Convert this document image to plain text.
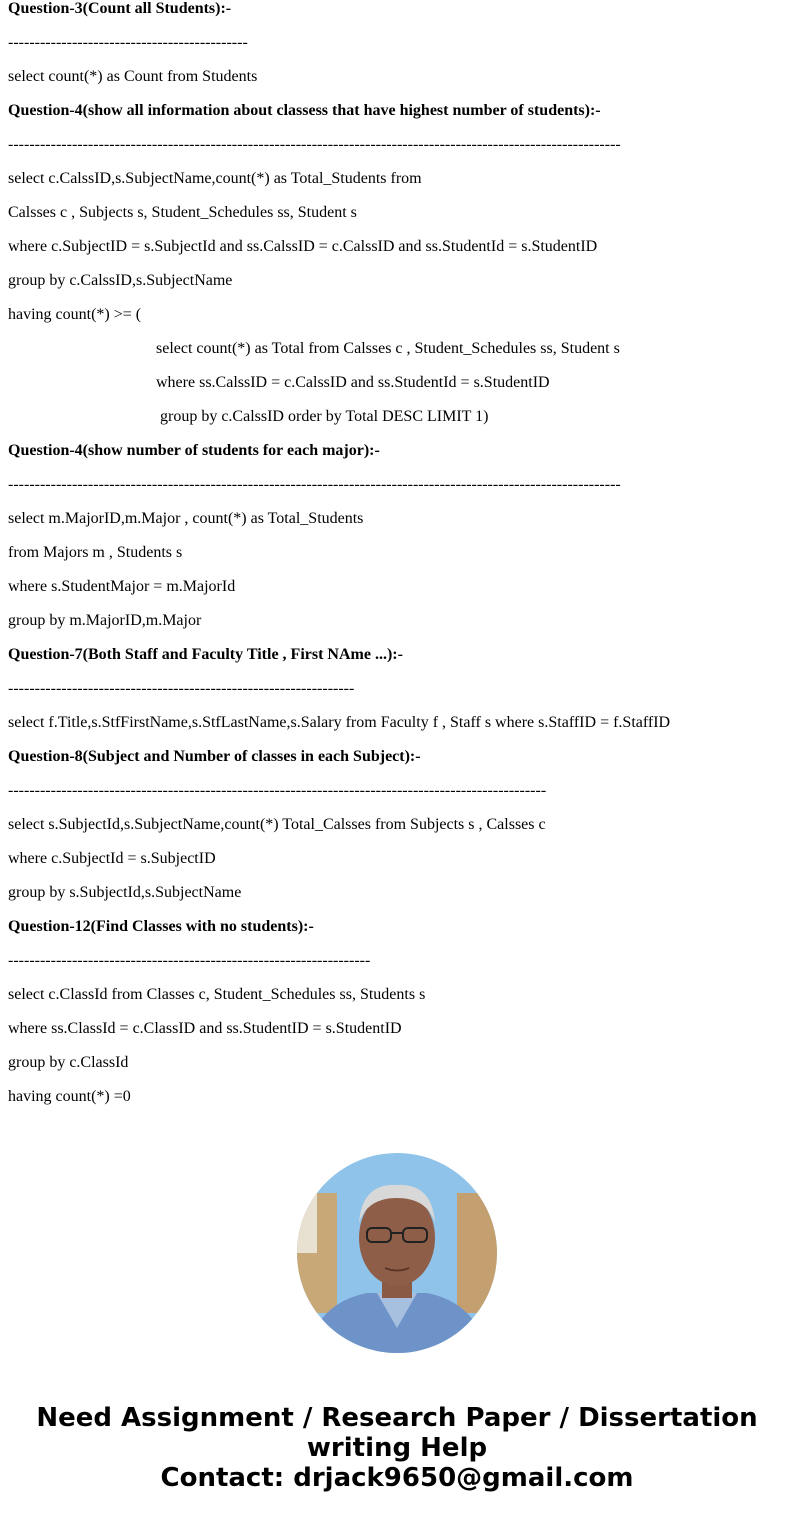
Question-3(Count all Students):-
---------------------------------------------
select count(*) as Count from Students
Question-4(show all information about classess that have highest number of students):-
-------------------------------------------------------------------------------------------------------------------
select c.CalssID,s.SubjectName,count(*) as Total_Students from
Calsses c , Subjects s, Student_Schedules ss, Student s
where c.SubjectID = s.SubjectId and ss.CalssID = c.CalssID and ss.StudentId = s.StudentID
group by c.CalssID,s.SubjectName
having count(*) >= (
select count(*) as Total from Calsses c , Student_Schedules ss, Student s
where ss.CalssID = c.CalssID and ss.StudentId = s.StudentID
group by c.CalssID order by Total DESC LIMIT 1)
Question-4(show number of students for each major):-
-------------------------------------------------------------------------------------------------------------------
select m.MajorID,m.Major , count(*) as Total_Students
from Majors m , Students s
where s.StudentMajor = m.MajorId
group by m.MajorID,m.Major
Question-7(Both Staff and Faculty Title , First NAme ...):-
-----------------------------------------------------------------
select f.Title,s.StfFirstName,s.StfLastName,s.Salary from Faculty f , Staff s where s.StaffID = f.StaffID
Question-8(Subject and Number of classes in each Subject):-
-----------------------------------------------------------------------------------------------------
select s.SubjectId,s.SubjectName,count(*) Total_Calsses from Subjects s , Calsses c
where c.SubjectId = s.SubjectID
group by s.SubjectId,s.SubjectName
Question-12(Find Classes with no students):-
--------------------------------------------------------------------
select c.ClassId from Classes c, Student_Schedules ss, Students s
where ss.ClassId = c.ClassID and ss.StudentID = s.StudentID
group by c.ClassId
having count(*) =0
Need Assignment / Research Paper / Dissertation
writing Help
Contact: drjack9650@gmail.com
